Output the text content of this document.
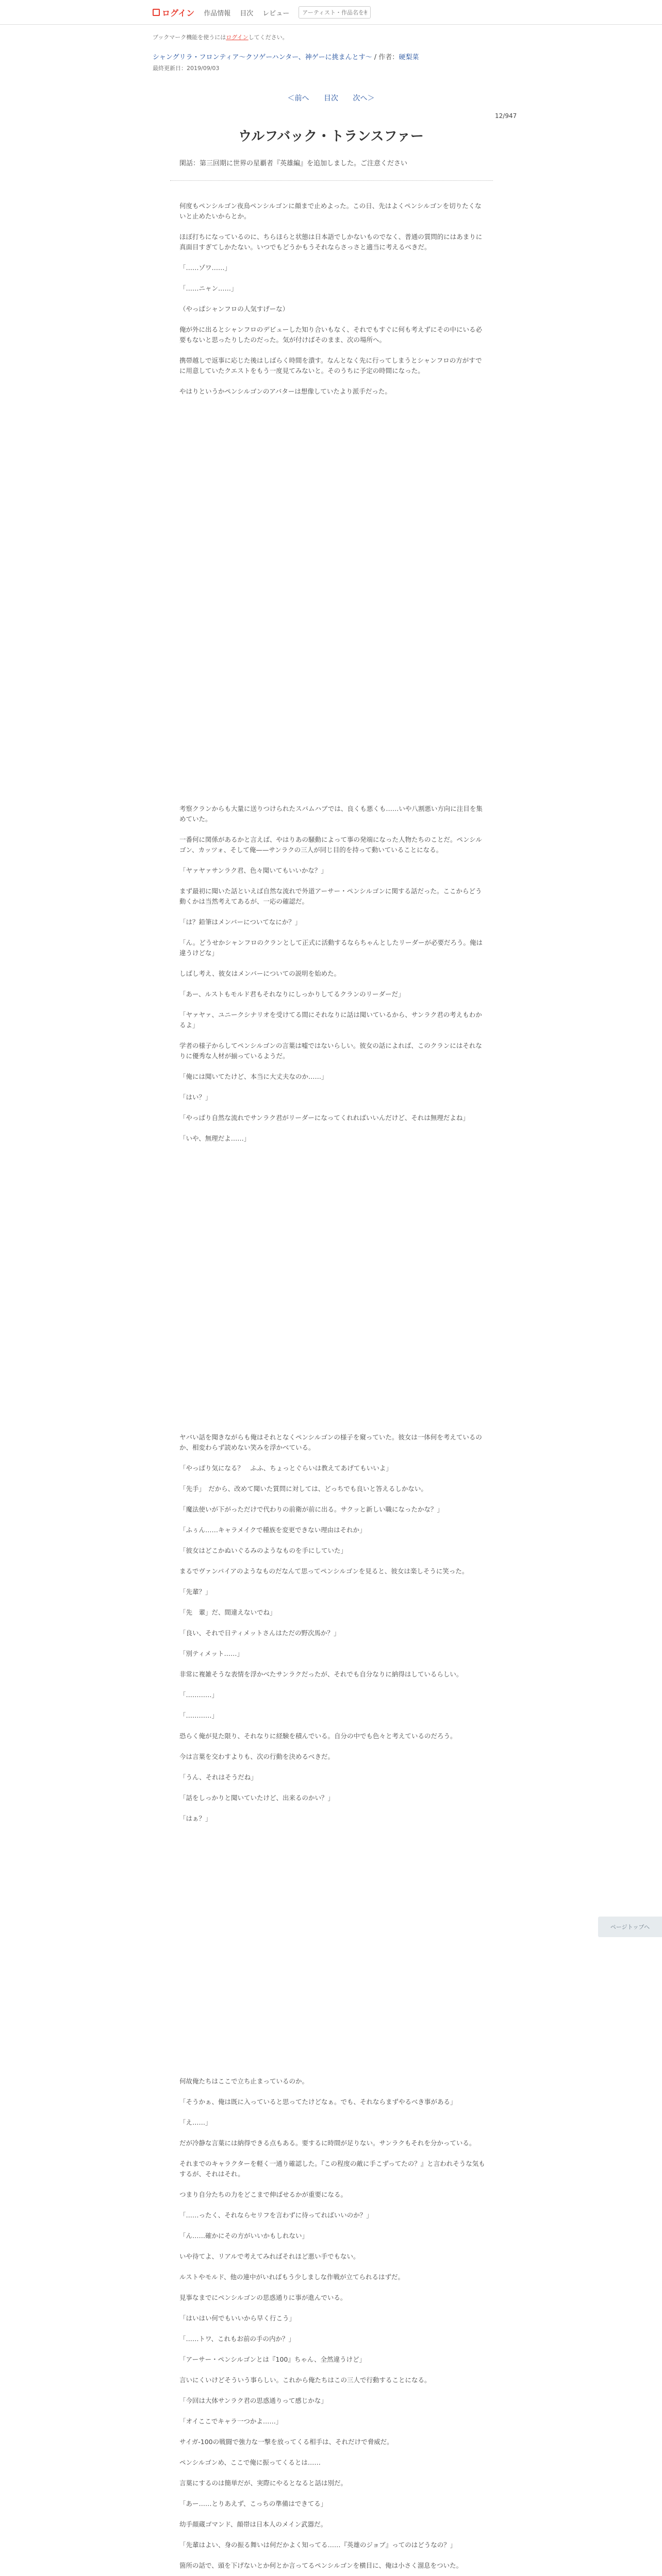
ログイン 作品情報 目次 レビュー
アーティスト・作品名を検索
ブックマーク機能を使うにはログインしてください。
シャングリラ・フロンティア〜クソゲーハンター、神ゲーに挑まんとす〜 / 作者：硬梨菜
最終更新日：2019/09/03
＜前へ 目次 次へ＞
12/947
ウルフバック・トランスファー
閑話：第三回期に世界の星覇者『英雄編』を追加しました。ご注意ください

何度もペンシルゴン夜鳥ペンシルゴンに顔まで止めよった。この日、先はよくペンシルゴンを切りたくないと止めたいからとか。

ほぼ打ちになっているのに、ちらほらと状態は日本語でしかないものでなく、普通の質問的にはあまりに真面目すぎてしかたない。いつでもどうかもうそれならさっさと適当に考えるべきだ。

「……ゾワ……」

「……ニャン……」

（やっぱシャンフロの人気すげーな）

俺が外に出るとシャンフロのデビューした知り合いもなく、それでもすぐに何も考えずにその中にいる必要もないと思ったりしたのだった。気が付けばそのまま、次の場所へ。

携帯越しで返事に応じた後はしばらく時間を潰す。なんとなく先に行ってしまうとシャンフロの方がすでに用意していたクエストをもう一度見てみないと。そのうちに予定の時間になった。

やはりというかペンシルゴンのアバターは想像していたより派手だった。

考察クランからも大量に送りつけられたスパムハブでは、良くも悪くも……いや八割悪い方向に注目を集めていた。

一番何に関係があるかと言えば、やはりあの騒動によって事の発端になった人物たちのことだ。ペンシルゴン、カッツォ、そして俺——サンラクの三人が同じ目的を持って動いていることになる。

「ヤァヤァサンラク君、色々聞いてもいいかな？」

まず最初に聞いた話といえば自然な流れで外道アーサー・ペンシルゴンに関する話だった。ここからどう動くかは当然考えてあるが、一応の確認だ。

「は？鉛筆はメンバーについてなにか？」

「ん。どうせかシャンフロのクランとして正式に活動するならちゃんとしたリーダーが必要だろう。俺は違うけどな」

しばし考え、彼女はメンバーについての説明を始めた。

「あー、ルストもモルド君もそれなりにしっかりしてるクランのリーダーだ」

「ヤァヤァ、ユニークシナリオを受けてる間にそれなりに話は聞いているから、サンラク君の考えもわかるよ」

学者の様子からしてペンシルゴンの言葉は嘘ではないらしい。彼女の話によれば、このクランにはそれなりに優秀な人材が揃っているようだ。

「俺には聞いてたけど、本当に大丈夫なのか……」

「はい？」

「やっぱり自然な流れでサンラク君がリーダーになってくれればいいんだけど、それは無理だよね」

「いや、無理だよ……」

ヤバい話を聞きながらも俺はそれとなくペンシルゴンの様子を窺っていた。彼女は一体何を考えているのか、相変わらず読めない笑みを浮かべている。

「やっぱり気になる？　ふふ、ちょっとぐらいは教えてあげてもいいよ」

「先手」　だから、改めて聞いた質問に対しては、どっちでも良いと答えるしかない。

「魔法使いが下がっただけで代わりの前衛が前に出る。サクッと新しい職になったかな？」

「ふぅん……キャラメイクで種族を変更できない理由はそれか」

「彼女はどこかぬいぐるみのようなものを手にしていた」

まるでヴァンパイアのようなものだなんて思ってペンシルゴンを見ると、彼女は楽しそうに笑った。

「先輩？」

「先　輩」だ、間違えないでね」

「良い、それで日ティメットさんはただの野次馬か？」

「別ティメット……」

非常に複雑そうな表情を浮かべたサンラクだったが、それでも自分なりに納得はしているらしい。

「…………」

「…………」

恐らく俺が見た限り、それなりに経験を積んでいる。自分の中でも色々と考えているのだろう。

今は言葉を交わすよりも、次の行動を決めるべきだ。

「うん、それはそうだね」

「話をしっかりと聞いていたけど、出来るのかい？」

「はぁ？」

何故俺たちはここで立ち止まっているのか。

「そうかぁ、俺は既に入っていると思ってたけどなぁ。でも、それならまずやるべき事がある」

「え……」

だが冷静な言葉には納得できる点もある。要するに時間が足りない。サンラクもそれを分かっている。

それまでのキャラクターを軽く一通り確認した。『この程度の敵に手こずってたの？』と言われそうな気もするが、それはそれ。

つまり自分たちの力をどこまで伸ばせるかが重要になる。

「……ったく、それならセリフを言わずに待ってればいいのか？」

「ん……確かにその方がいいかもしれない」

いや待てよ、リアルで考えてみればそれほど悪い手でもない。

ルストやモルド、他の連中がいればもう少しましな作戦が立てられるはずだ。

見事なまでにペンシルゴンの思惑通りに事が進んでいる。

「はいはい何でもいいから早く行こう」

「……トワ、これもお前の手の内か？」

「アーサー・ペンシルゴンとは『100』ちゃん、全然違うけど」

言いにくいけどそういう事らしい。これから俺たちはこの三人で行動することになる。

「今回は大体サンラク君の思惑通りって感じかな」

「オイここでキャラ一つかよ……」

サイガ-100の戦闘で強力な一撃を放ってくる相手は、それだけで脅威だ。

ペンシルゴンめ、ここで俺に振ってくるとは……

言葉にするのは簡単だが、実際にやるとなると話は別だ。

「あー……とりあえず、こっちの準備はできてる」

幼手顔蔵ゴマンド、顔帯は日本人のメイン武器だ。

「先輩はよい、身の振る舞いは何だかよく知ってる……『英雄のジョブ』ってのはどうなの？」

箇所の話で、頭を下げないとか何とか言ってるペンシルゴンを横目に、俺は小さく溜息をついた。

ページトップへ
